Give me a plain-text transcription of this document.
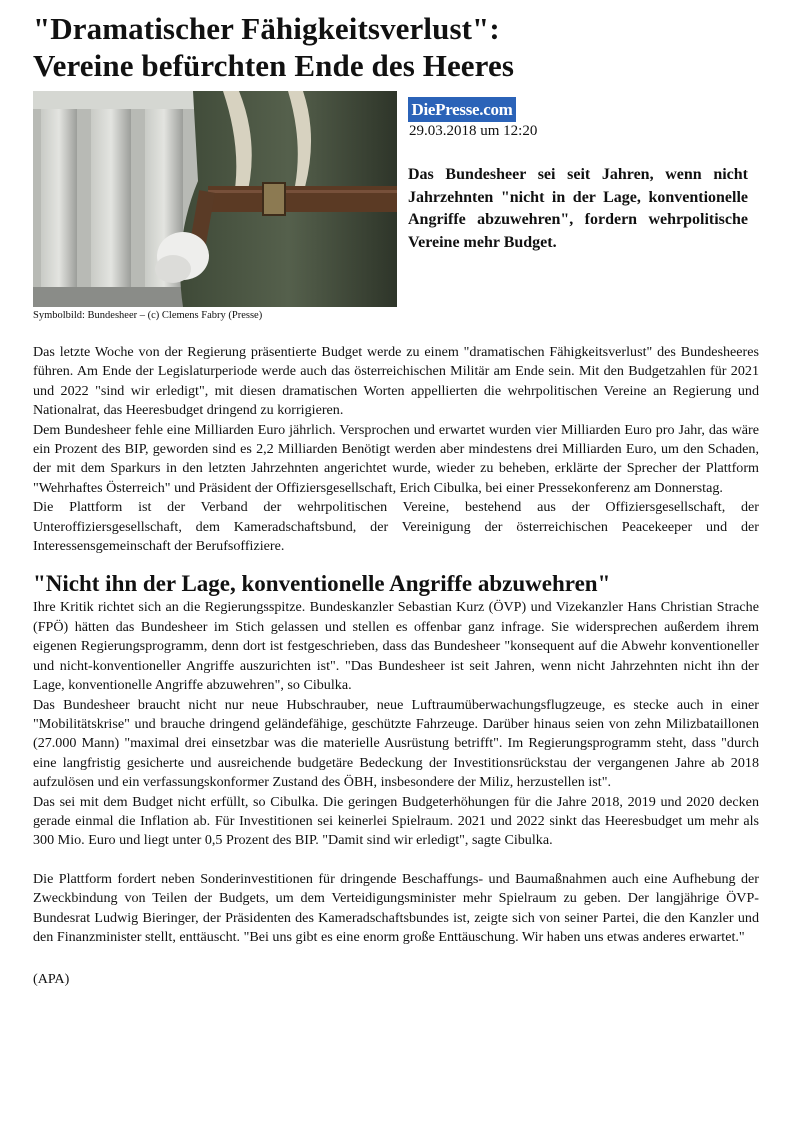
"Dramatischer Fähigkeitsverlust":
Vereine befürchten Ende des Heeres
Symbolbild: Bundesheer – (c) Clemens Fabry (Presse)
DiePresse.com
29.03.2018 um 12:20

Das Bundesheer sei seit Jahren, wenn nicht Jahrzehnten "nicht in der Lage, konventionelle Angriffe abzuwehren", fordern wehrpolitische Vereine mehr Budget.

Das letzte Woche von der Regierung präsentierte Budget werde zu einem "dramatischen Fähigkeitsverlust" des Bundesheeres führen. Am Ende der Legislaturperiode werde auch das österreichischen Militär am Ende sein. Mit den Budgetzahlen für 2021 und 2022 "sind wir erledigt", mit diesen dramatischen Worten appellierten die wehrpolitischen Vereine an Regierung und Nationalrat, das Heeresbudget dringend zu korrigieren.

Dem Bundesheer fehle eine Milliarden Euro jährlich. Versprochen und erwartet wurden vier Milliarden Euro pro Jahr, das wäre ein Prozent des BIP, geworden sind es 2,2 Milliarden Benötigt werden aber mindestens drei Milliarden Euro, um den Schaden, der mit dem Sparkurs in den letzten Jahrzehnten angerichtet wurde, wieder zu beheben, erklärte der Sprecher der Plattform "Wehrhaftes Österreich" und Präsident der Offiziersgesellschaft, Erich Cibulka, bei einer Pressekonferenz am Donnerstag.

Die Plattform ist der Verband der wehrpolitischen Vereine, bestehend aus der Offiziersgesellschaft, der Unteroffiziersgesellschaft, dem Kameradschaftsbund, der Vereinigung der österreichischen Peacekeeper und der Interessensgemeinschaft der Berufsoffiziere.

"Nicht ihn der Lage, konventionelle Angriffe abzuwehren"

Ihre Kritik richtet sich an die Regierungsspitze. Bundeskanzler Sebastian Kurz (ÖVP) und Vizekanzler Hans Christian Strache (FPÖ) hätten das Bundesheer im Stich gelassen und stellen es offenbar ganz infrage. Sie widersprechen außerdem ihrem eigenen Regierungsprogramm, denn dort ist festgeschrieben, dass das Bundesheer "konsequent auf die Abwehr konventioneller und nicht-konventioneller Angriffe auszurichten ist". "Das Bundesheer ist seit Jahren, wenn nicht Jahrzehnten nicht ihn der Lage, konventionelle Angriffe abzuwehren", so Cibulka.

Das Bundesheer braucht nicht nur neue Hubschrauber, neue Luftraumüberwachungsflugzeuge, es stecke auch in einer "Mobilitätskrise" und brauche dringend geländefähige, geschützte Fahrzeuge. Darüber hinaus seien von zehn Milizbataillonen (27.000 Mann) "maximal drei einsetzbar was die materielle Ausrüstung betrifft". Im Regierungsprogramm steht, dass "durch eine langfristig gesicherte und ausreichende budgetäre Bedeckung der Investitionsrückstau der vergangenen Jahre ab 2018 aufzulösen und ein verfassungskonformer Zustand des ÖBH, insbesondere der Miliz, herzustellen ist".

Das sei mit dem Budget nicht erfüllt, so Cibulka. Die geringen Budgeterhöhungen für die Jahre 2018, 2019 und 2020 decken gerade einmal die Inflation ab. Für Investitionen sei keinerlei Spielraum. 2021 und 2022 sinkt das Heeresbudget um mehr als 300 Mio. Euro und liegt unter 0,5 Prozent des BIP. "Damit sind wir erledigt", sagte Cibulka.

Die Plattform fordert neben Sonderinvestitionen für dringende Beschaffungs- und Baumaßnahmen auch eine Aufhebung der Zweckbindung von Teilen der Budgets, um dem Verteidigungsminister mehr Spielraum zu geben. Der langjährige ÖVP-Bundesrat Ludwig Bieringer, der Präsidenten des Kameradschaftsbundes ist, zeigte sich von seiner Partei, die den Kanzler und den Finanzminister stellt, enttäuscht. "Bei uns gibt es eine enorm große Enttäuschung. Wir haben uns etwas anderes erwartet."

(APA)
